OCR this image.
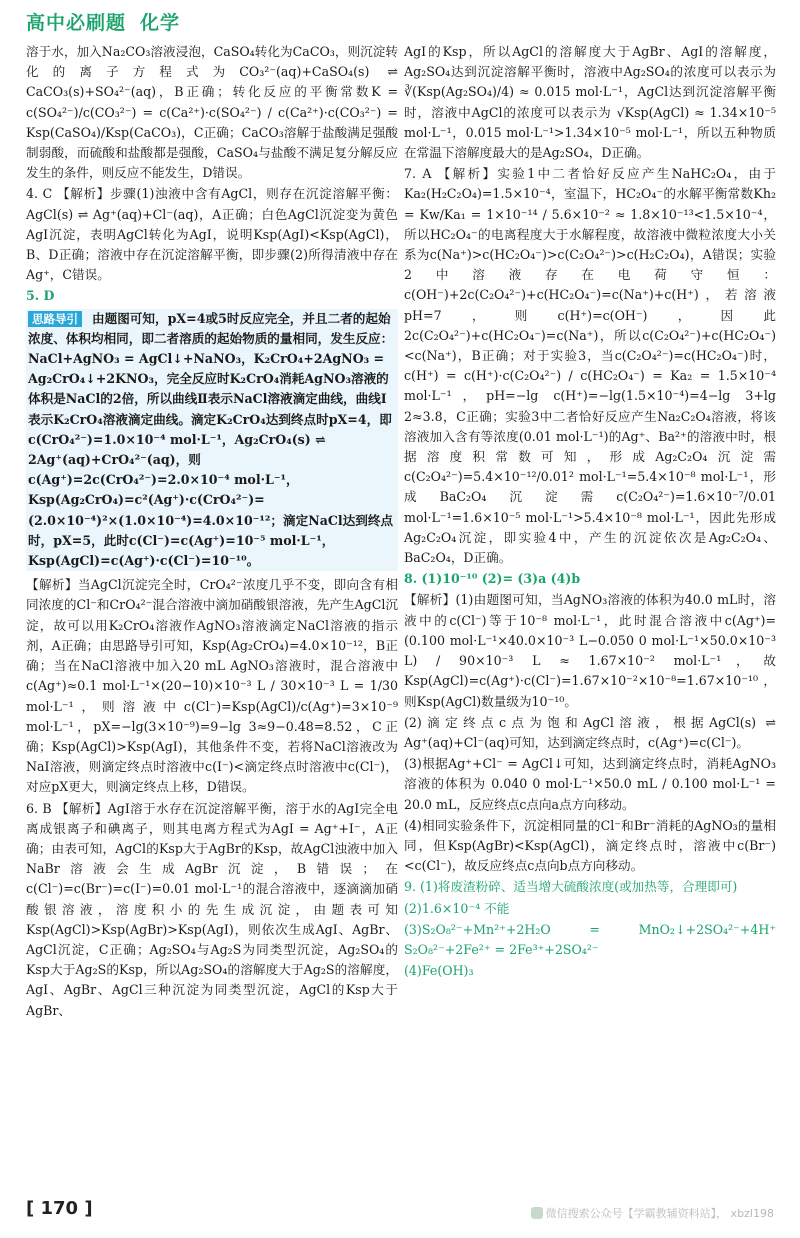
高中必刷题 化学

溶于水，加入Na₂CO₃溶液浸泡，CaSO₄转化为CaCO₃，则沉淀转化的离子方程式为CO₃²⁻(aq)+CaSO₄(s) ⇌ CaCO₃(s)+SO₄²⁻(aq)，B正确；转化反应的平衡常数K = c(SO₄²⁻)/c(CO₃²⁻) = c(Ca²⁺)·c(SO₄²⁻) / c(Ca²⁺)·c(CO₃²⁻) = Ksp(CaSO₄)/Ksp(CaCO₃)，C正确；CaCO₃溶解于盐酸满足强酸制弱酸，而硫酸和盐酸都是强酸，CaSO₄与盐酸不满足复分解反应发生的条件，则反应不能发生，D错误。

4. C 【解析】步骤(1)浊液中含有AgCl，则存在沉淀溶解平衡：AgCl(s) ⇌ Ag⁺(aq)+Cl⁻(aq)，A正确；白色AgCl沉淀变为黄色AgI沉淀，表明AgCl转化为AgI，说明Ksp(AgI)<Ksp(AgCl)，B、D正确；溶液中存在沉淀溶解平衡，即步骤(2)所得清液中存在Ag⁺，C错误。

5. D

思路导引 由题图可知，pX=4或5时反应完全，并且二者的起始浓度、体积均相同，即二者溶质的起始物质的量相同，发生反应：NaCl+AgNO₃ = AgCl↓+NaNO₃，K₂CrO₄+2AgNO₃ = Ag₂CrO₄↓+2KNO₃，完全反应时K₂CrO₄消耗AgNO₃溶液的体积是NaCl的2倍，所以曲线Ⅱ表示NaCl溶液滴定曲线，曲线Ⅰ表示K₂CrO₄溶液滴定曲线。滴定K₂CrO₄达到终点时pX=4，即c(CrO₄²⁻)=1.0×10⁻⁴ mol·L⁻¹，Ag₂CrO₄(s) ⇌ 2Ag⁺(aq)+CrO₄²⁻(aq)，则c(Ag⁺)=2c(CrO₄²⁻)=2.0×10⁻⁴ mol·L⁻¹，Ksp(Ag₂CrO₄)=c²(Ag⁺)·c(CrO₄²⁻)=(2.0×10⁻⁴)²×(1.0×10⁻⁴)=4.0×10⁻¹²；滴定NaCl达到终点时，pX=5，此时c(Cl⁻)=c(Ag⁺)=10⁻⁵ mol·L⁻¹，Ksp(AgCl)=c(Ag⁺)·c(Cl⁻)=10⁻¹⁰。

【解析】当AgCl沉淀完全时，CrO₄²⁻浓度几乎不变，即向含有相同浓度的Cl⁻和CrO₄²⁻混合溶液中滴加硝酸银溶液，先产生AgCl沉淀，故可以用K₂CrO₄溶液作AgNO₃溶液滴定NaCl溶液的指示剂，A正确；由思路导引可知，Ksp(Ag₂CrO₄)=4.0×10⁻¹²，B正确；当在NaCl溶液中加入20 mL AgNO₃溶液时，混合溶液中c(Ag⁺)≈0.1 mol·L⁻¹×(20−10)×10⁻³ L / 30×10⁻³ L = 1/30 mol·L⁻¹，则溶液中c(Cl⁻)=Ksp(AgCl)/c(Ag⁺)=3×10⁻⁹ mol·L⁻¹，pX=−lg(3×10⁻⁹)=9−lg 3≈9−0.48=8.52，C正确；Ksp(AgCl)>Ksp(AgI)，其他条件不变，若将NaCl溶液改为NaI溶液，则滴定终点时溶液中c(I⁻)<滴定终点时溶液中c(Cl⁻)，对应pX更大，则滴定终点上移，D错误。

6. B 【解析】AgI溶于水存在沉淀溶解平衡，溶于水的AgI完全电离成银离子和碘离子，则其电离方程式为AgI = Ag⁺+I⁻，A正确；由表可知，AgCl的Ksp大于AgBr的Ksp，故AgCl浊液中加入NaBr溶液会生成AgBr沉淀，B错误；在c(Cl⁻)=c(Br⁻)=c(I⁻)=0.01 mol·L⁻¹的混合溶液中，逐滴滴加硝酸银溶液，溶度积小的先生成沉淀，由题表可知Ksp(AgCl)>Ksp(AgBr)>Ksp(AgI)，则依次生成AgI、AgBr、AgCl沉淀，C正确；Ag₂SO₄与Ag₂S为同类型沉淀，Ag₂SO₄的Ksp大于Ag₂S的Ksp，所以Ag₂SO₄的溶解度大于Ag₂S的溶解度，AgI、AgBr、AgCl三种沉淀为同类型沉淀，AgCl的Ksp大于AgBr、

AgI的Ksp，所以AgCl的溶解度大于AgBr、AgI的溶解度，Ag₂SO₄达到沉淀溶解平衡时，溶液中Ag₂SO₄的浓度可以表示为 ∛(Ksp(Ag₂SO₄)/4) ≈ 0.015 mol·L⁻¹，AgCl达到沉淀溶解平衡时，溶液中AgCl的浓度可以表示为 √Ksp(AgCl) ≈ 1.34×10⁻⁵ mol·L⁻¹，0.015 mol·L⁻¹>1.34×10⁻⁵ mol·L⁻¹，所以五种物质在常温下溶解度最大的是Ag₂SO₄，D正确。

7. A 【解析】实验1中二者恰好反应产生NaHC₂O₄，由于Ka₂(H₂C₂O₄)=1.5×10⁻⁴，室温下，HC₂O₄⁻的水解平衡常数Kh₂ = Kw/Ka₁ = 1×10⁻¹⁴ / 5.6×10⁻² ≈ 1.8×10⁻¹³<1.5×10⁻⁴，所以HC₂O₄⁻的电离程度大于水解程度，故溶液中微粒浓度大小关系为c(Na⁺)>c(HC₂O₄⁻)>c(C₂O₄²⁻)>c(H₂C₂O₄)，A错误；实验2中溶液存在电荷守恒：c(OH⁻)+2c(C₂O₄²⁻)+c(HC₂O₄⁻)=c(Na⁺)+c(H⁺)，若溶液pH=7，则c(H⁺)=c(OH⁻)，因此2c(C₂O₄²⁻)+c(HC₂O₄⁻)=c(Na⁺)，所以c(C₂O₄²⁻)+c(HC₂O₄⁻)<c(Na⁺)，B正确；对于实验3，当c(C₂O₄²⁻)=c(HC₂O₄⁻)时，c(H⁺) = c(H⁺)·c(C₂O₄²⁻) / c(HC₂O₄⁻) = Ka₂ = 1.5×10⁻⁴ mol·L⁻¹，pH=−lg c(H⁺)=−lg(1.5×10⁻⁴)=4−lg 3+lg 2≈3.8，C正确；实验3中二者恰好反应产生Na₂C₂O₄溶液，将该溶液加入含有等浓度(0.01 mol·L⁻¹)的Ag⁺、Ba²⁺的溶液中时，根据溶度积常数可知，形成Ag₂C₂O₄沉淀需c(C₂O₄²⁻)=5.4×10⁻¹²/0.01² mol·L⁻¹=5.4×10⁻⁸ mol·L⁻¹，形成BaC₂O₄沉淀需c(C₂O₄²⁻)=1.6×10⁻⁷/0.01 mol·L⁻¹=1.6×10⁻⁵ mol·L⁻¹>5.4×10⁻⁸ mol·L⁻¹，因此先形成Ag₂C₂O₄沉淀，即实验4中，产生的沉淀依次是Ag₂C₂O₄、BaC₂O₄，D正确。

8. (1)10⁻¹⁰ (2)= (3)a (4)b

【解析】(1)由题图可知，当AgNO₃溶液的体积为40.0 mL时，溶液中的c(Cl⁻)等于10⁻⁸ mol·L⁻¹，此时混合溶液中c(Ag⁺)= (0.100 mol·L⁻¹×40.0×10⁻³ L−0.050 0 mol·L⁻¹×50.0×10⁻³ L) / 90×10⁻³ L ≈ 1.67×10⁻² mol·L⁻¹，故Ksp(AgCl)=c(Ag⁺)·c(Cl⁻)=1.67×10⁻²×10⁻⁸=1.67×10⁻¹⁰，则Ksp(AgCl)数量级为10⁻¹⁰。

(2)滴定终点c点为饱和AgCl溶液，根据AgCl(s) ⇌ Ag⁺(aq)+Cl⁻(aq)可知，达到滴定终点时，c(Ag⁺)=c(Cl⁻)。

(3)根据Ag⁺+Cl⁻ = AgCl↓可知，达到滴定终点时，消耗AgNO₃溶液的体积为 0.040 0 mol·L⁻¹×50.0 mL / 0.100 mol·L⁻¹ = 20.0 mL，反应终点c点向a点方向移动。

(4)相同实验条件下，沉淀相同量的Cl⁻和Br⁻消耗的AgNO₃的量相同，但Ksp(AgBr)<Ksp(AgCl)，滴定终点时，溶液中c(Br⁻)<c(Cl⁻)，故反应终点c点向b点方向移动。

9. (1)将废渣粉碎、适当增大硫酸浓度(或加热等，合理即可)

(2)1.6×10⁻⁴ 不能

(3)S₂O₈²⁻+Mn²⁺+2H₂O = MnO₂↓+2SO₄²⁻+4H⁺ S₂O₈²⁻+2Fe²⁺ = 2Fe³⁺+2SO₄²⁻

(4)Fe(OH)₃

[ 170 ]	微信搜索公众号【学霸教辅资料站】， xbzl198
